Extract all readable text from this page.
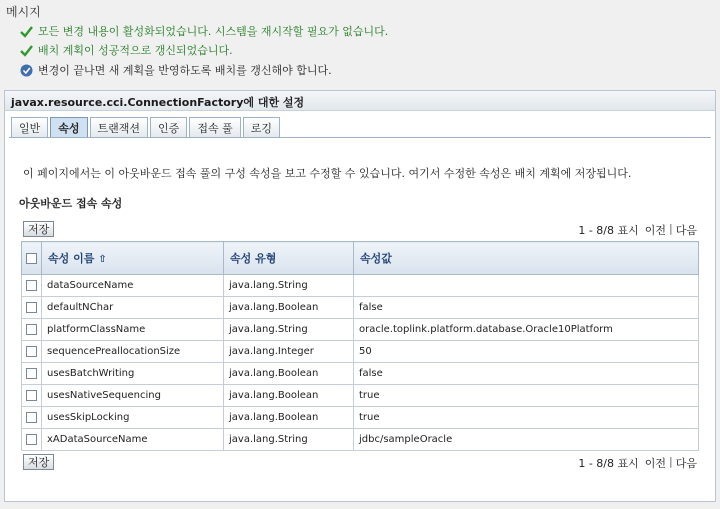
메시지
모든 변경 내용이 활성화되었습니다. 시스템을 재시작할 필요가 없습니다.
배치 계획이 성공적으로 갱신되었습니다.
변경이 끝나면 새 계획을 반영하도록 배치를 갱신해야 합니다.
javax.resource.cci.ConnectionFactory에 대한 설정
일반	속성	트랜잭션	인증	접속 풀	로깅
이 페이지에서는 이 아웃바운드 접속 풀의 구성 속성을 보고 수정할 수 있습니다. 여기서 수정한 속성은 배치 계획에 저장됩니다.
아웃바운드 접속 속성
저장	1 - 8/8 표시 이전 | 다음
	속성 이름 ⇧	속성 유형	속성값
	dataSourceName	java.lang.String	
	defaultNChar	java.lang.Boolean	false
	platformClassName	java.lang.String	oracle.toplink.platform.database.Oracle10Platform
	sequencePreallocationSize	java.lang.Integer	50
	usesBatchWriting	java.lang.Boolean	false
	usesNativeSequencing	java.lang.Boolean	true
	usesSkipLocking	java.lang.Boolean	true
	xADataSourceName	java.lang.String	jdbc/sampleOracle
저장	1 - 8/8 표시 이전 | 다음
